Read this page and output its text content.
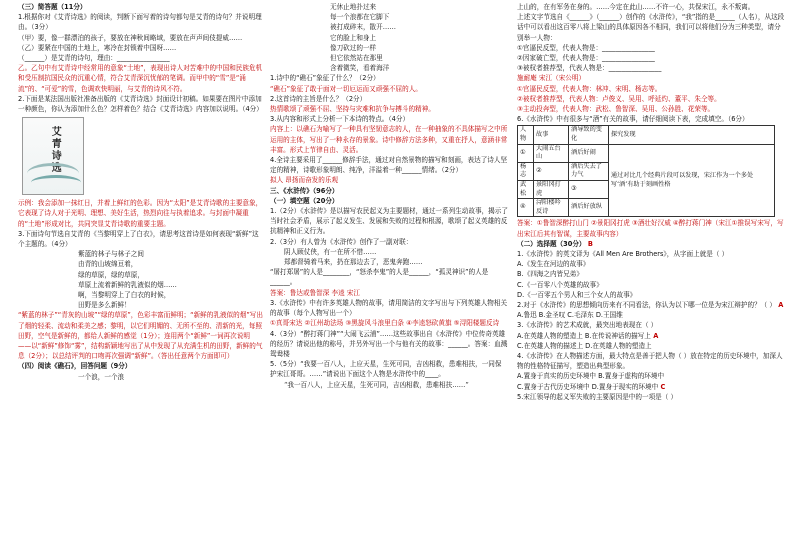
（三）简答题（11分）

1.根据你对《艾青诗选》的阅读，判断下面写着的诗句都句是艾青的诗句？并说明理由。（3分）

（甲）要，像一群漂泊的孩子，要放在神秋间略域，要放在声声间伎提威……

（乙）要紧在中国的土地上，寒冷在封锁着中国呀……

（______）是艾青的诗句，理由：________________

乙。乙句中有艾青诗中经常用的意象“土地”，表现出诗人对苦难中的中国和民族危机和受压制抗国民众的沉重心情，符合艾青深沉忧郁的笔调。而甲中的“雪”是“涌流”的、“可爱”的雪，色调欢快明丽，与艾青的诗风不符。

2.下面是某法国出版社准备出版的《艾青诗选》封面设计初稿。如果要在图片中添加一种颜色，你认为添加什么色？怎样着色？结合《艾青诗选》内容加以说明。（4分）

艾青诗选

示例：我会添加一抹红日，并着上鲜红的色彩。因为“太阳”是艾青诗歌的主要意象，它表现了诗人对于光明、理想、美好生活，热烈向往与执着追求。与封面中凝重的“土地”形成对比，共同突显艾青诗歌的重要主题。

3.下面诗句节选自艾青的《当黎明穿上了白衣》，请思考这首诗是如何表现“新鲜”这个主题的。（4分）

紫蓝的林子与林子之间

由青的山坡绵亘着，

绿的草原，绿的草原，

草原上流着新鲜的乳液似的烟……

啊，当黎明穿上了白衣的时候，

田野是多么新鲜！

“紫蓝的林子”“青灰的山坡”“绿的草原”，色彩丰富而鲜明；“新鲜的乳液似的烟”写出了烟的轻柔、流动和柔美之感；黎明，以它们明媚的、无所不至的、清新的光，每照田野，空气是新鲜的，都给人新鲜的感觉（1分）；连用两个“新鲜”一词再次说明——以“新鲜”修饰“雾”，结构新颖地写出了从中发现了从充满生机的田野，新鲜的气息（2分）；以总结评判的口吻再次强调“新鲜”。（答出任意两个方面即可）

（四）阅读《礁石》，回答问题（9分）

一个浪，一个浪

无休止地扑过来

每一个浪都在它脚下

被打成碎末，散开……

它的脸上和身上

像刀砍过的一样

但它依然站在那里

含着微笑，看着海洋

1.诗中的“礁石”象征了什么？（2分）

“礁石”象征了敢于面对一切厄运而又顽强不屈的人。

2.这首诗的主旨是什么？（2分）

热情歌颂了顽强不屈、坚持与灾难和抗争与搏斗的精神。

3.从内容和形式上分析一下本诗的特点。（4分）

内容上：以礁石为喻写了一种具有坚韧意志的人，在一种抽象的不具体描写之中所运用的主体，写出了一种永存的景象。诗中修辞方法多种，又重在抒人，意涵非常丰富。形式上节律自由、灵活。

4.全诗主要采用了______修辞手法，通过对自然景物的描写和刻画，表达了诗人坚定的精神，诗歌形象明朗、纯净，洋溢着一种______情绪。（2分）

拟人 昂扬而奋发的乐观

三、《水浒传》（96分）

（一）填空题（20分）

1.（2分）《水浒传》是以描写农民起义为主要题材，通过一系列生动故事，揭示了当时社会矛盾，展示了起义发生、发展和失败的过程和根源，歌颂了起义英雄的反抗精神和正义行为。

2.（3分）有人曾为《水浒传》创作了一副对联：

阴人顾仗侠，有一在所不惜……

郑都督骑着马来，扔在那边去了，恶鬼奔跑……

“屠打郑屠”的人是________，“怒杀李鬼”的人是______，“孤灵神识”的人是______。

答案：鲁达或鲁智深 李逵 宋江

3.《水浒传》中有许多英雄人物的故事，请用简洁的文字写出与下列英雄人物相关的故事（每个人物写出一个）

①真哥宋达 ②江州劫法场 ③黑旋风斗浪里白条 ④李逵怒砍黄旗 ⑤浔阳楼题反诗

4.（3分）“醉打蒋门神”“大闹飞云浦”……这些故事出自《水浒传》中位传奇英雄的经历？请说出他的称号，并另外写出一个与他有关的故事：______。答案：血溅鸳鸯楼

5.（5分）“我要一百八人，上应天星，生死可同，吉凶相救，患难相扶，一同保护宋江哥哥。……”请说出下面这个人物是水浒传中的____。

“我一百八人，上应天星，生死可同，吉凶相救，患难相扶……”

上山的，在有军务在身的。……今定在此山……不许一心，共保宋江，永不叛离。

上述文字节选自《______》（______）创作的《水浒传》，“我”指的是______（人名），从这段话中可以看出这百零八将上梁山的具体原因各不相同，我们可以将他们分为三种类型，请分别举一人物：

①官逼民反型，代表人物是：________________

②因家破亡型，代表人物是：________________

③被权者推荐型，代表人物是：________________

施耐庵 宋江（宋公明）

①官逼民反型，代表人物：林冲、宋明、杨志等。

②被权者推荐型，代表人物：卢俊义、吴用、呼延灼、董平、朱仝等。

③主动投奔型，代表人物：武松、鲁智深、吴用、公孙胜、花荣等。

6.《水浒传》中有很多与“酒”有关的故事，请仔细阅读下表，完成填空。（6分）

人物	故事	酒导致的变化	探究发现
①	大闹五台山	酒后好闹	通过对比几个经典片段可以发现，宋江作为一个多处写‘酒’有助于刻画性格
杨志	②	酒后失去了力气	
武松	景阳冈打虎	③	
④	浔阳楼吟反诗	酒后好放纵	

答案：①鲁智深醉打山门 ②景阳冈打虎 ③酒壮好汉威 ④醉打蒋门神（宋江①推误写宋写，写出宋江后其有智谋，主要故事内容）

（二）选择题（30分） B

1.《水浒传》的英文译为《All Men Are Brothers》，从字面上就是（ ）

A.《发生在河边的故事》

B.《四海之内皆兄弟》

C.《一百零八个英雄的故事》

D.《一百零五个男人和三个女人的故事》

2.对于《水浒传》的思想倾向历来有不同看法，你认为以下哪一位是为宋江辩护的？（ ） A

A.鲁迅 B.金圣叹 C.毛泽东 D.王国维

3.《水浒传》的艺术成就，最突出地表现在（ ）

A.在英雄人物的塑造上 B.在传说神话的描写上 A

C.在英雄人物的描述上 D.在英雄人物的塑造上

4.《水浒传》在人物描述方面，最大特点是善于把人物（ ）放在特定的历史环境中，加深人物的性格特征描写，塑造出典型形象。

A.置身于真实的历史环境中 B.置身于虚构的环境中

C.置身于古代历史环境中 D.置身于现实的环境中 C

5.宋江领导的起义军失败的主要原因是中的一项是（ ）
